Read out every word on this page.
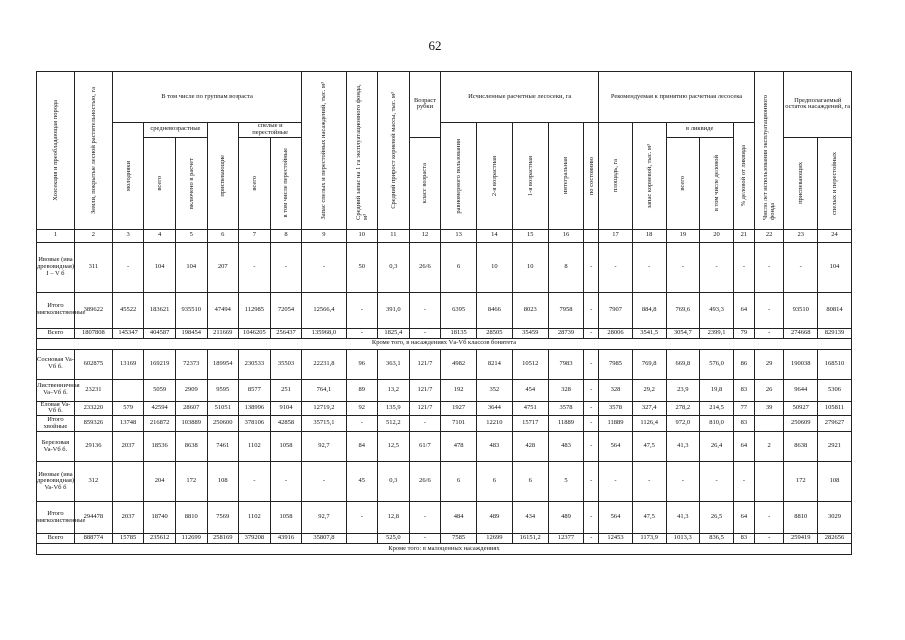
62
Хозсекция и преобладающая порода	Земли, покрытые лесной растительностью, га	В том числе по группам возраста						Запас спелых и перестойных насаждений, тыс. м³	Средний запас на 1 га эксплуатационного фонда, м³	Средний прирост корневой массы, тыс. м³	Возраст рубки	Исчисленные расчетные лесосеки, га					Рекомендуемая к принятию расчетная лесосека					Число лет использования эксплуатационного фонда	Предполагаемый остаток насаждений, га	

		молодняки	средневозрастные		приспевающие	спелые и перестойные						равномерного пользования	2-я возрастная	1-я возрастная	интегральная	по состоянию	площадь, га	запас корневой, тыс. м³	в ликвиде		% деловой от ликвида			

			всего	включено в расчет		всего	в том числе перестойные				класс возраста								всего	в том числе деловой			приспевающих	спелых и перестойных

1	2	3	4	5	6	7	8	9	10	11	12	13	14	15	16		17	18	19	20	21	22	23	24
Ивовые (ива древовидная) I – V б	311	-	104	104	207	-	-	-	50	0,3	26/6	6	10	10	8	-	-	-	-	-	-	-	-	104
Итого мягколиственные	389622	45522	183621	935510	47494	112985	72054	12566,4	-	391,0	-	6395	8466	8023	7958	-	7907	884,8	769,6	493,3	64	-	93510	80814
Всего	1807808	145347	404587	198454	211669	1046205	256437	135968,0	-	1825,4	-	18135	28505	35459	28739	-	28006	3541,5	3054,7	2399,1	79	-	274668	829139
Кроме того, в насаждениях Vа-Vб классов бонитета																								
Сосновая Va-Vб б.	602875	13169	169219	72373	189954	230533	35503	22231,8	96	363,1	121/7	4982	8214	10512	7983	-	7985	769,8	669,8	576,0	86	29	190038	168510
Лиственничная Va–Vб б.	23231		5059	2909	9595	8577	251	764,1	89	13,2	121/7	192	352	454	328	-	328	29,2	23,9	19,8	83	26	9644	5306
Еловая Va-Vб б.	233220	579	42594	28607	51051	138996	9104	12719,2	92	135,9	121/7	1927	3644	4751	3578	-	3578	327,4	278,2	214,5	77	39	50927	105811
Итого хвойные	859326	13748	216872	103889	250600	378106	42858	35715,1	-	512,2	-	7101	12210	15717	11889	-	11889	1126,4	972,0	810,0	83		250609	279627
Березовая Va-Vб б.	29136	2037	18536	8638	7461	1102	1058	92,7	84	12,5	61/7	478	483	428	483	-	564	47,5	41,3	26,4	64	2	8638	2921
Ивовые (ива древовидная) Va-Vб б	312		204	172	108	-	-	-	45	0,3	26/6	6	6	6	5	-	-	-	-	-	-		172	108
Итого мягколиственные	294478	2037	18740	8810	7569	1102	1058	92,7	-	12,8	-	484	489	434	489	-	564	47,5	41,3	26,5	64	-	8810	3029
Всего	888774	15785	235612	112699	258169	379208	43916	35807,8		525,0	-	7585	12699	16151,2	12377	-	12453	1173,9	1013,3	836,5	83	-	259419	282656
Кроме того: в малоценных насаждениях																								
